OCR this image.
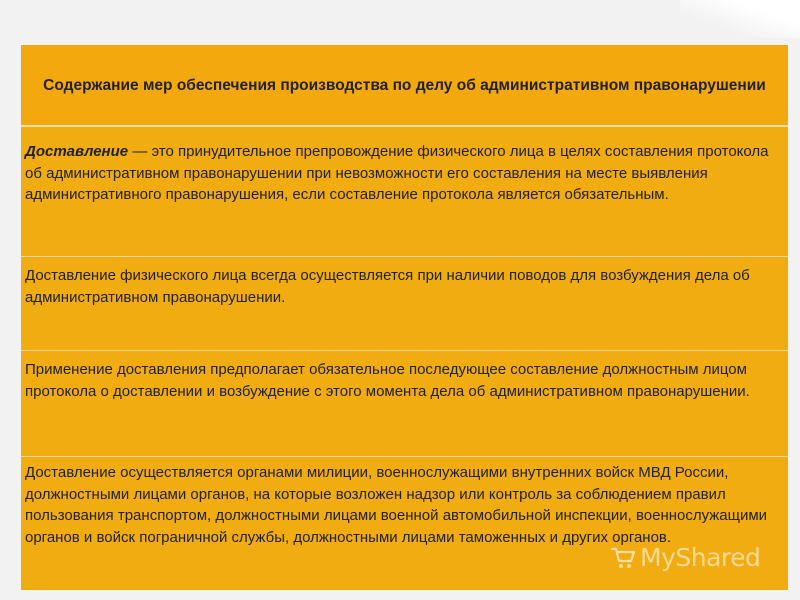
Содержание мер обеспечения производства по делу об административном правонарушении
Доставление — это принудительное препровождение физического лица в целях составления протокола об административном правонарушении при невозможности его составления на месте выявления административного правонарушения, если составление протокола является обязательным.
Доставление физического лица всегда осуществляется при наличии поводов для возбуждения дела об административном правонарушении.
Применение доставления предполагает обязательное последующее составление должностным лицом протокола о доставлении и возбуждение с этого момента дела об административном правонарушении.
Доставление осуществляется органами милиции, военнослужащими внутренних войск МВД России, должностными лицами органов, на которые возложен надзор или контроль за соблюдением правил пользования транспортом, должностными лицами военной автомобильной инспекции, военнослужащими органов и войск пограничной службы, должностными лицами таможенных и других органов.
MyShared
